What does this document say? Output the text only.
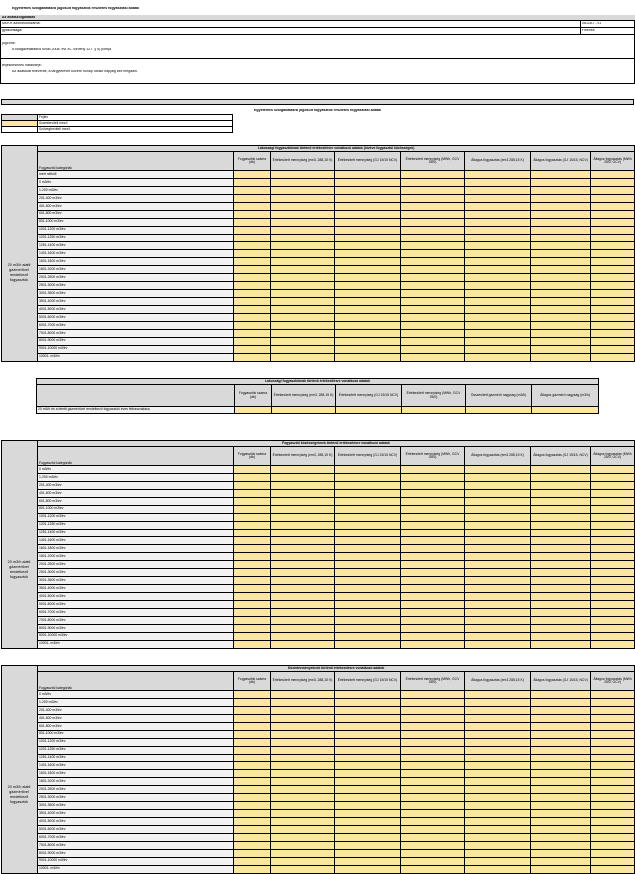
Egyetemes szolgáltatásra jogosult fogyasztók részletes fogyasztási adatai
Az adatszolgáltatás
MEKH azonosítószáma:	0612A / - v1
gyakorisága:	Féléves
jogcíme:
A földgázellátásról szóló 2008. évi XL. törvény 127. § s) pontja
teljesítésének határideje:
Az adatokat félévente, a tárgyfélévet követő hónap utolsó napjáig kell megadni.
Egyetemes szolgáltatásra jogosult fogyasztók részletes fogyasztási adatai
	Fejléc
	Számbeviteli mező
	Szövegbeviteli mező
	Lakossági fogyasztóknak történő értékesítésre vonatkozó adatok (kivéve fogyasztói közösségek)							
	Fogyasztói kategóriák	Fogyasztók száma (db)	Értékesített mennyiség (em3, 288,15 K)	Értékesített mennyiség (GJ 15/15 NCV)	Értékesített mennyiség (MWh, GCV 25/0)	Átlagos fogyasztás (em3 288,15 K)	Átlagos fogyasztás (GJ 15/15, NCV)	Átlagos fogyasztás (MWh 25/0, GCV)
	mért nélküli							
	0 m3/év							
	1-200 m3/év							
	201-400 m3/év							
	401-600 m3/év							
	601-800 m3/év							
	801-1000 m3/év							
	1001-1200 m3/év							
	1201-1250 m3/év							
	1251-1400 m3/év							
	1401-1600 m3/év							
	1601-1800 m3/év							
	1801-2000 m3/év							
	2001-2500 m3/év							
	2501-3000 m3/év							
	3001-3500 m3/év							
	3501-4000 m3/év							
	4001-5000 m3/év							
	5001-6000 m3/év							
	6001-7000 m3/év							
	7001-8000 m3/év							
	8001-9000 m3/év							
	9001-10000 m3/év							
	10001- m3/év							
Lakossági fogyasztóknak történő értékesítésre vonatkozó adatok						
	Fogyasztók száma (db)	Értékesített mennyiség (em3, 288,15 K)	Értékesített mennyiség (GJ 15/15 NCV)	Értékesített mennyiség (MWh, GCV 25/0)	Összesített gázmérő nagyság (m3/h)	Átlagos gázmérő nagyság (m3/h)
20 m3/h és a feletti gázmérővel rendelkező fogyasztók éves felhasználása						
	Fogyasztói közösségeknek történő értékesítésre vonatkozó adatok							
	Fogyasztói kategóriák	Fogyasztók száma (db)	Értékesített mennyiség (em3, 288,15 K)	Értékesített mennyiség (GJ 15/15 NCV)	Értékesített mennyiség (MWh, GCV 25/0)	Átlagos fogyasztás (em3 288,15 K)	Átlagos fogyasztás (GJ 15/15, NCV)	Átlagos fogyasztás (MWh 25/0, GCV)
	0 m3/év							
	1-200 m3/év							
	201-400 m3/év							
	401-600 m3/év							
	601-800 m3/év							
	801-1000 m3/év							
	1001-1200 m3/év							
	1201-1250 m3/év							
	1251-1400 m3/év							
	1401-1600 m3/év							
	1601-1800 m3/év							
	1801-2000 m3/év							
	2001-2500 m3/év							
	2501-3000 m3/év							
	3001-3500 m3/év							
	3501-4000 m3/év							
	4001-5000 m3/év							
	5001-6000 m3/év							
	6001-7000 m3/év							
	7001-8000 m3/év							
	8001-9000 m3/év							
	9001-10000 m3/év							
	10001- m3/év							
	Közintézményeknek történő értékesítésre vonatkozó adatok							
	Fogyasztói kategóriák	Fogyasztók száma (db)	Értékesített mennyiség (em3, 288,15 K)	Értékesített mennyiség (GJ 15/15 NCV)	Értékesített mennyiség (MWh, GCV 25/0)	Átlagos fogyasztás (em3 288,15 K)	Átlagos fogyasztás (GJ 15/15, NCV)	Átlagos fogyasztás (MWh 25/0, GCV)
	0 m3/év							
	1-200 m3/év							
	201-400 m3/év							
	401-600 m3/év							
	601-800 m3/év							
	801-1000 m3/év							
	1001-1200 m3/év							
	1201-1250 m3/év							
	1251-1400 m3/év							
	1401-1600 m3/év							
	1601-1800 m3/év							
	1801-2000 m3/év							
	2001-2500 m3/év							
	2501-3000 m3/év							
	3001-3500 m3/év							
	3501-4000 m3/év							
	4001-5000 m3/év							
	5001-6000 m3/év							
	6001-7000 m3/év							
	7001-8000 m3/év							
	8001-9000 m3/év							
	9001-10000 m3/év							
	10001- m3/év							
20 m3/h alatti gázmérővel rendelkező fogyasztók
20 m3/h alatti gázmérővel rendelkező fogyasztók
20 m3/h alatti gázmérővel rendelkező fogyasztók
